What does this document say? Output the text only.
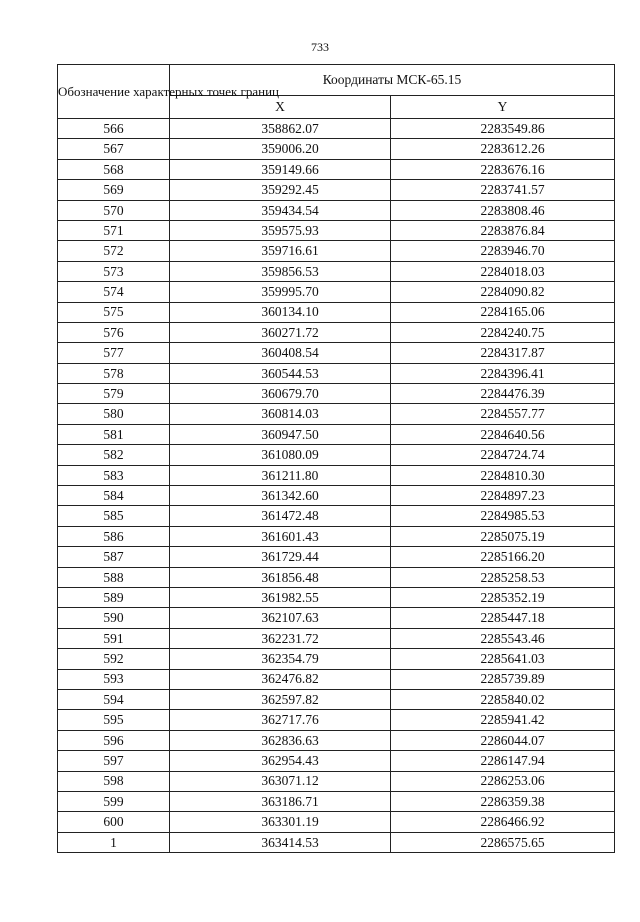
733
Обозначение характерных точек границ	Координаты МСК-65.15	
	X	Y
566	358862.07	2283549.86
567	359006.20	2283612.26
568	359149.66	2283676.16
569	359292.45	2283741.57
570	359434.54	2283808.46
571	359575.93	2283876.84
572	359716.61	2283946.70
573	359856.53	2284018.03
574	359995.70	2284090.82
575	360134.10	2284165.06
576	360271.72	2284240.75
577	360408.54	2284317.87
578	360544.53	2284396.41
579	360679.70	2284476.39
580	360814.03	2284557.77
581	360947.50	2284640.56
582	361080.09	2284724.74
583	361211.80	2284810.30
584	361342.60	2284897.23
585	361472.48	2284985.53
586	361601.43	2285075.19
587	361729.44	2285166.20
588	361856.48	2285258.53
589	361982.55	2285352.19
590	362107.63	2285447.18
591	362231.72	2285543.46
592	362354.79	2285641.03
593	362476.82	2285739.89
594	362597.82	2285840.02
595	362717.76	2285941.42
596	362836.63	2286044.07
597	362954.43	2286147.94
598	363071.12	2286253.06
599	363186.71	2286359.38
600	363301.19	2286466.92
1	363414.53	2286575.65
